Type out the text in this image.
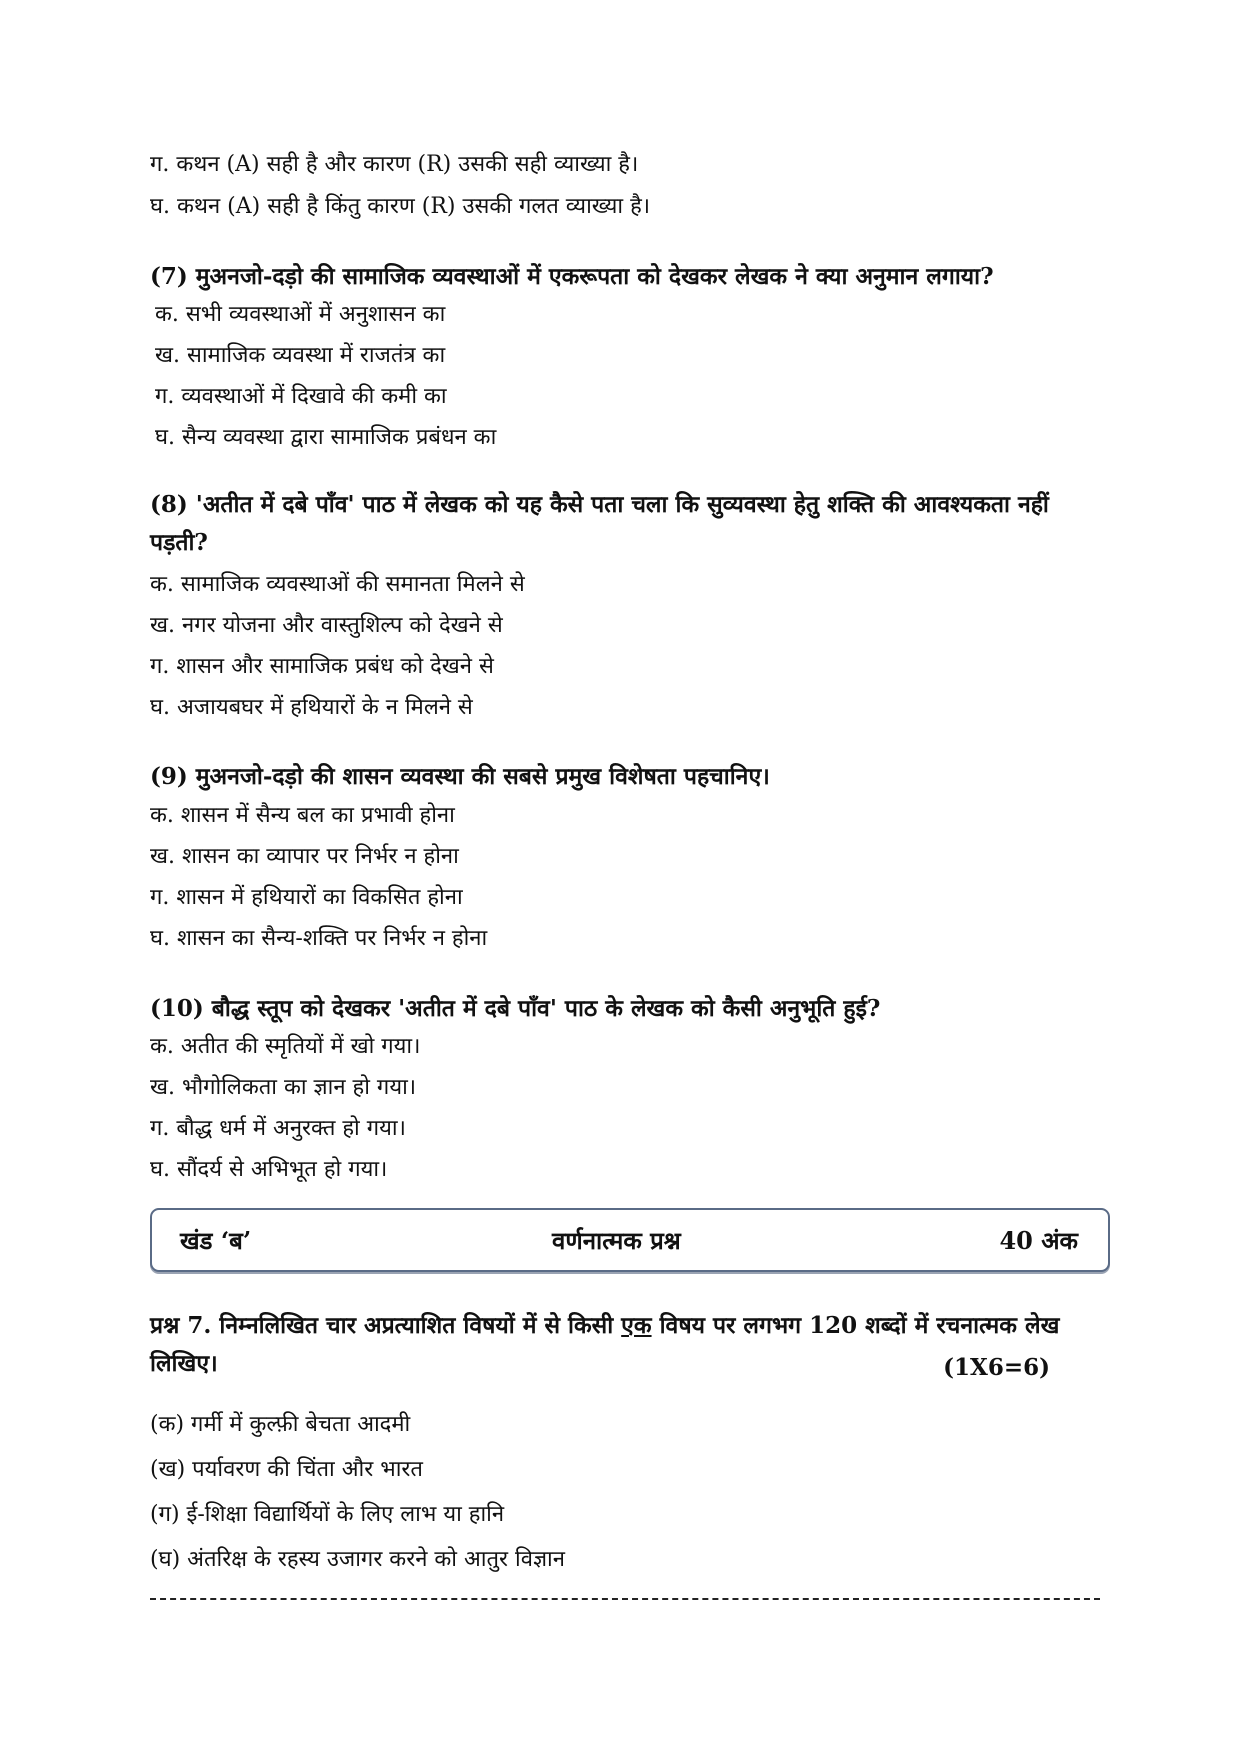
ग. कथन (A) सही है और कारण (R) उसकी सही व्याख्या है।
घ. कथन (A) सही है किंतु कारण (R) उसकी गलत व्याख्या है।
(7) मुअनजो-दड़ो की सामाजिक व्यवस्थाओं में एकरूपता को देखकर लेखक ने क्या अनुमान लगाया?
क. सभी व्यवस्थाओं में अनुशासन का
ख. सामाजिक व्यवस्था में राजतंत्र का
ग. व्यवस्थाओं में दिखावे की कमी का
घ. सैन्य व्यवस्था द्वारा सामाजिक प्रबंधन का
(8) 'अतीत में दबे पाँव' पाठ में लेखक को यह कैसे पता चला कि सुव्यवस्था हेतु शक्ति की आवश्यकता नहीं पड़ती?
क. सामाजिक व्यवस्थाओं की समानता मिलने से
ख. नगर योजना और वास्तुशिल्प को देखने से
ग. शासन और सामाजिक प्रबंध को देखने से
घ. अजायबघर में हथियारों के न मिलने से
(9) मुअनजो-दड़ो की शासन व्यवस्था की सबसे प्रमुख विशेषता पहचानिए।
क. शासन में सैन्य बल का प्रभावी होना
ख. शासन का व्यापार पर निर्भर न होना
ग. शासन में हथियारों का विकसित होना
घ. शासन का सैन्य-शक्ति पर निर्भर न होना
(10) बौद्ध स्तूप को देखकर 'अतीत में दबे पाँव' पाठ के लेखक को कैसी अनुभूति हुई?
क. अतीत की स्मृतियों में खो गया।
ख. भौगोलिकता का ज्ञान हो गया।
ग. बौद्ध धर्म में अनुरक्त हो गया।
घ. सौंदर्य से अभिभूत हो गया।
खंड ‘ब’	वर्णनात्मक प्रश्न	40 अंक
प्रश्न 7. निम्नलिखित चार अप्रत्याशित विषयों में से किसी एक विषय पर लगभग 120 शब्दों में रचनात्मक लेख लिखिए।	(1X6=6)
(क) गर्मी में कुल्फ़ी बेचता आदमी
(ख) पर्यावरण की चिंता और भारत
(ग) ई-शिक्षा विद्यार्थियों के लिए लाभ या हानि
(घ) अंतरिक्ष के रहस्य उजागर करने को आतुर विज्ञान
